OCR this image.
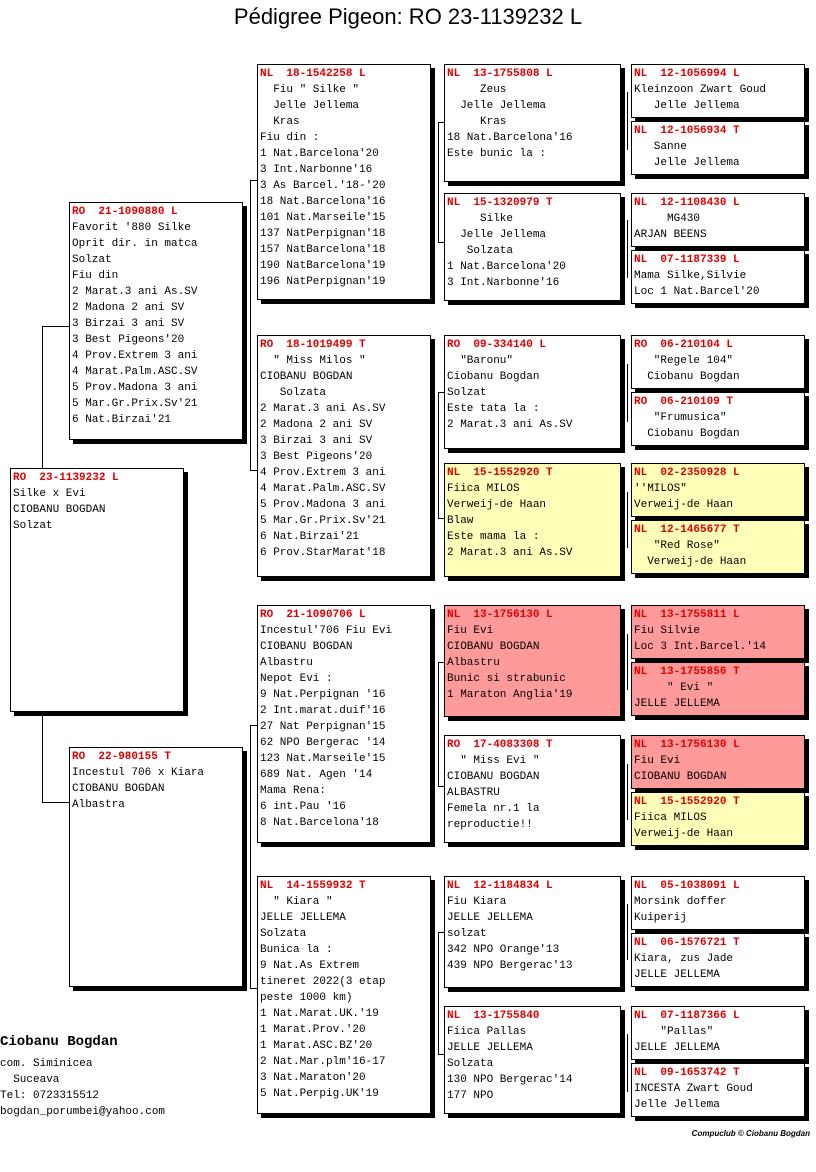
Pédigree Pigeon: RO 23-1139232 L
RO  23-1139232 L
Silke x Evi
CIOBANU BOGDAN
Solzat
RO  21-1090880 L
Favorit '880 Silke
Oprit dir. in matca
Solzat
Fiu din
2 Marat.3 ani As.SV
2 Madona 2 ani SV
3 Birzai 3 ani SV
3 Best Pigeons'20
4 Prov.Extrem 3 ani
4 Marat.Palm.ASC.SV
5 Prov.Madona 3 ani
5 Mar.Gr.Prix.Sv'21
6 Nat.Birzai'21
RO  22-980155 T
Incestul 706 x Kiara
CIOBANU BOGDAN
Albastra
NL  18-1542258 L
Fiu " Silke "
Jelle Jellema
Kras
Fiu din :
1 Nat.Barcelona'20
3 Int.Narbonne'16
3 As Barcel.'18-'20
18 Nat.Barcelona'16
101 Nat.Marseile'15
137 NatPerpignan'18
157 NatBarcelona'18
190 NatBarcelona'19
196 NatPerpignan'19
RO  18-1019499 T
" Miss Milos "
CIOBANU BOGDAN
Solzata
2 Marat.3 ani As.SV
2 Madona 2 ani SV
3 Birzai 3 ani SV
3 Best Pigeons'20
4 Prov.Extrem 3 ani
4 Marat.Palm.ASC.SV
5 Prov.Madona 3 ani
5 Mar.Gr.Prix.Sv'21
6 Nat.Birzai'21
6 Prov.StarMarat'18
RO  21-1090706 L
Incestul'706 Fiu Evi
CIOBANU BOGDAN
Albastru
Nepot Evi :
9 Nat.Perpignan '16
2 Int.marat.duif'16
27 Nat Perpignan'15
62 NPO Bergerac '14
123 Nat.Marseile'15
689 Nat. Agen '14
Mama Rena:
6 int.Pau '16
8 Nat.Barcelona'18
NL  14-1559932 T
" Kiara "
JELLE JELLEMA
Solzata
Bunica la :
9 Nat.As Extrem
tineret 2022(3 etap
peste 1000 km)
1 Nat.Marat.UK.'19
1 Marat.Prov.'20
1 Marat.ASC.BZ'20
2 Nat.Mar.plm'16-17
3 Nat.Maraton'20
5 Nat.Perpig.UK'19
NL  13-1755808 L
Zeus
Jelle Jellema
Kras
18 Nat.Barcelona'16
Este bunic la :
NL  15-1320979 T
Silke
Jelle Jellema
Solzata
1 Nat.Barcelona'20
3 Int.Narbonne'16
RO  09-334140 L
"Baronu"
Ciobanu Bogdan
Solzat
Este tata la :
2 Marat.3 ani As.SV
NL  15-1552920 T
Fiica MILOS
Verweij-de Haan
Blaw
Este mama la :
2 Marat.3 ani As.SV
NL  13-1756130 L
Fiu Evi
CIOBANU BOGDAN
Albastru
Bunic si strabunic
1 Maraton Anglia'19
RO  17-4083308 T
" Miss Evi "
CIOBANU BOGDAN
ALBASTRU
Femela nr.1 la
reproductie!!
NL  12-1184834 L
Fiu Kiara
JELLE JELLEMA
solzat
342 NPO Orange'13
439 NPO Bergerac'13
NL  13-1755840
Fiica Pallas
JELLE JELLEMA
Solzata
130 NPO Bergerac'14
177 NPO
NL  12-1056994 L
Kleinzoon Zwart Goud
Jelle Jellema
NL  12-1056934 T
Sanne
Jelle Jellema
NL  12-1108430 L
MG430
ARJAN BEENS
NL  07-1187339 L
Mama Silke,Silvie
Loc 1 Nat.Barcel'20
RO  06-210104 L
"Regele 104"
Ciobanu Bogdan
RO  06-210109 T
"Frumusica"
Ciobanu Bogdan
NL  02-2350928 L
''MILOS"
Verweij-de Haan
NL  12-1465677 T
"Red Rose"
Verweij-de Haan
NL  13-1755811 L
Fiu Silvie
Loc 3 Int.Barcel.'14
NL  13-1755856 T
" Evi "
JELLE JELLEMA
NL  13-1756130 L
Fiu Evi
CIOBANU BOGDAN
NL  15-1552920 T
Fiica MILOS
Verweij-de Haan
NL  05-1038091 L
Morsink doffer
Kuiperij
NL  06-1576721 T
Kiara, zus Jade
JELLE JELLEMA
NL  07-1187366 L
"Pallas"
JELLE JELLEMA
NL  09-1653742 T
INCESTA Zwart Goud
Jelle Jellema
Ciobanu Bogdan
com. Siminicea
Suceava
Tel: 0723315512
bogdan_porumbei@yahoo.com
Compuclub © Ciobanu Bogdan
